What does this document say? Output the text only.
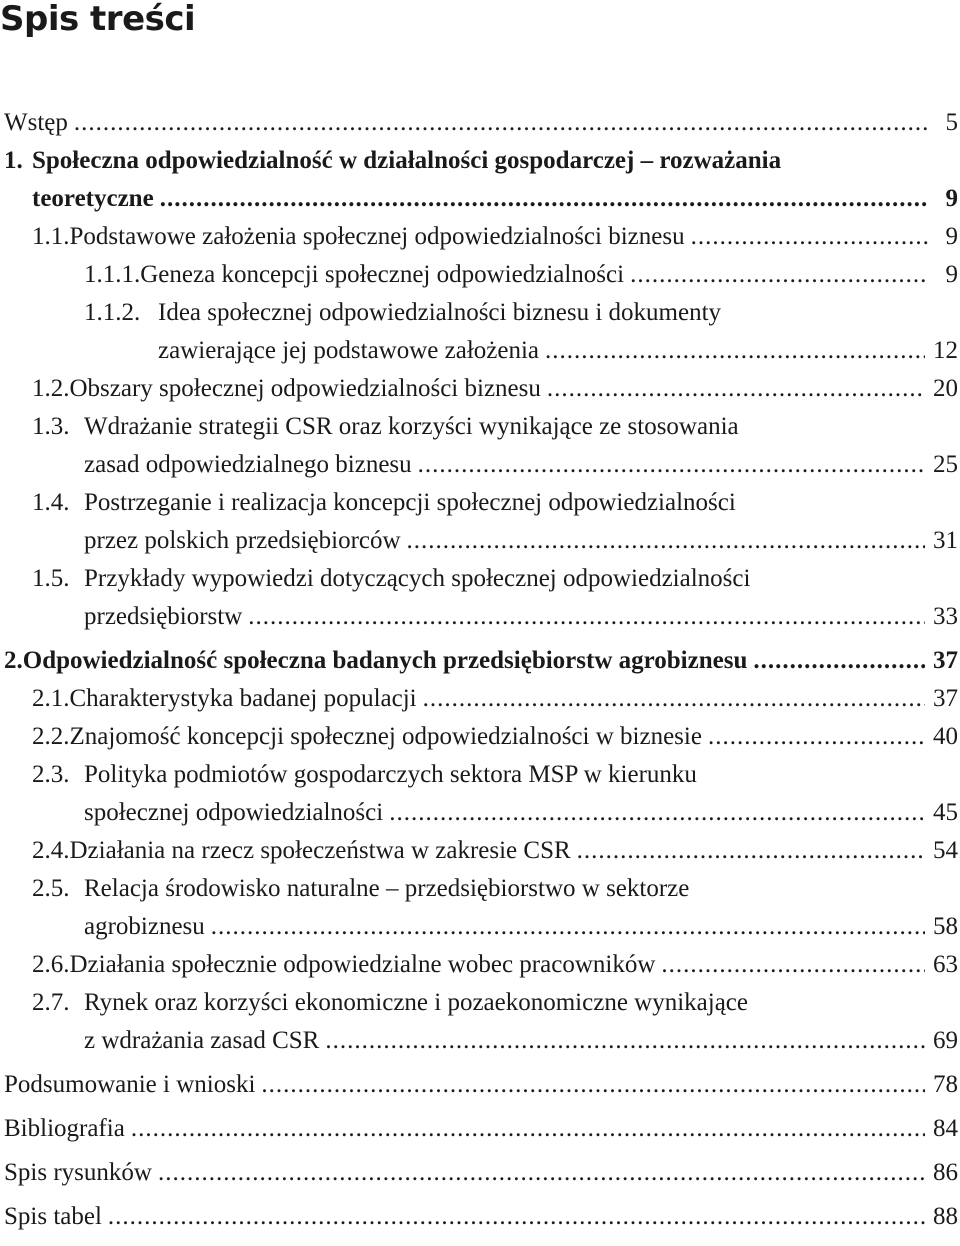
Spis treści
Wstęp .....	5
1. Społeczna odpowiedzialność w działalności gospodarczej – rozważania
teoretyczne .....	9
1.1. Podstawowe założenia społecznej odpowiedzialności biznesu .....	9
1.1.1. Geneza koncepcji społecznej odpowiedzialności .....	9
1.1.2. Idea społecznej odpowiedzialności biznesu i dokumenty
zawierające jej podstawowe założenia .....	12
1.2. Obszary społecznej odpowiedzialności biznesu .....	20
1.3. Wdrażanie strategii CSR oraz korzyści wynikające ze stosowania
zasad odpowiedzialnego biznesu .....	25
1.4. Postrzeganie i realizacja koncepcji społecznej odpowiedzialności
przez polskich przedsiębiorców .....	31
1.5. Przykłady wypowiedzi dotyczących społecznej odpowiedzialności
przedsiębiorstw .....	33
2. Odpowiedzialność społeczna badanych przedsiębiorstw agrobiznesu .....	37
2.1. Charakterystyka badanej populacji .....	37
2.2. Znajomość koncepcji społecznej odpowiedzialności w biznesie .....	40
2.3. Polityka podmiotów gospodarczych sektora MSP w kierunku
społecznej odpowiedzialności .....	45
2.4. Działania na rzecz społeczeństwa w zakresie CSR .....	54
2.5. Relacja środowisko naturalne – przedsiębiorstwo w sektorze
agrobiznesu .....	58
2.6. Działania społecznie odpowiedzialne wobec pracowników .....	63
2.7. Rynek oraz korzyści ekonomiczne i pozaekonomiczne wynikające
z wdrażania zasad CSR .....	69
Podsumowanie i wnioski .....	78
Bibliografia .....	84
Spis rysunków .....	86
Spis tabel .....	88
